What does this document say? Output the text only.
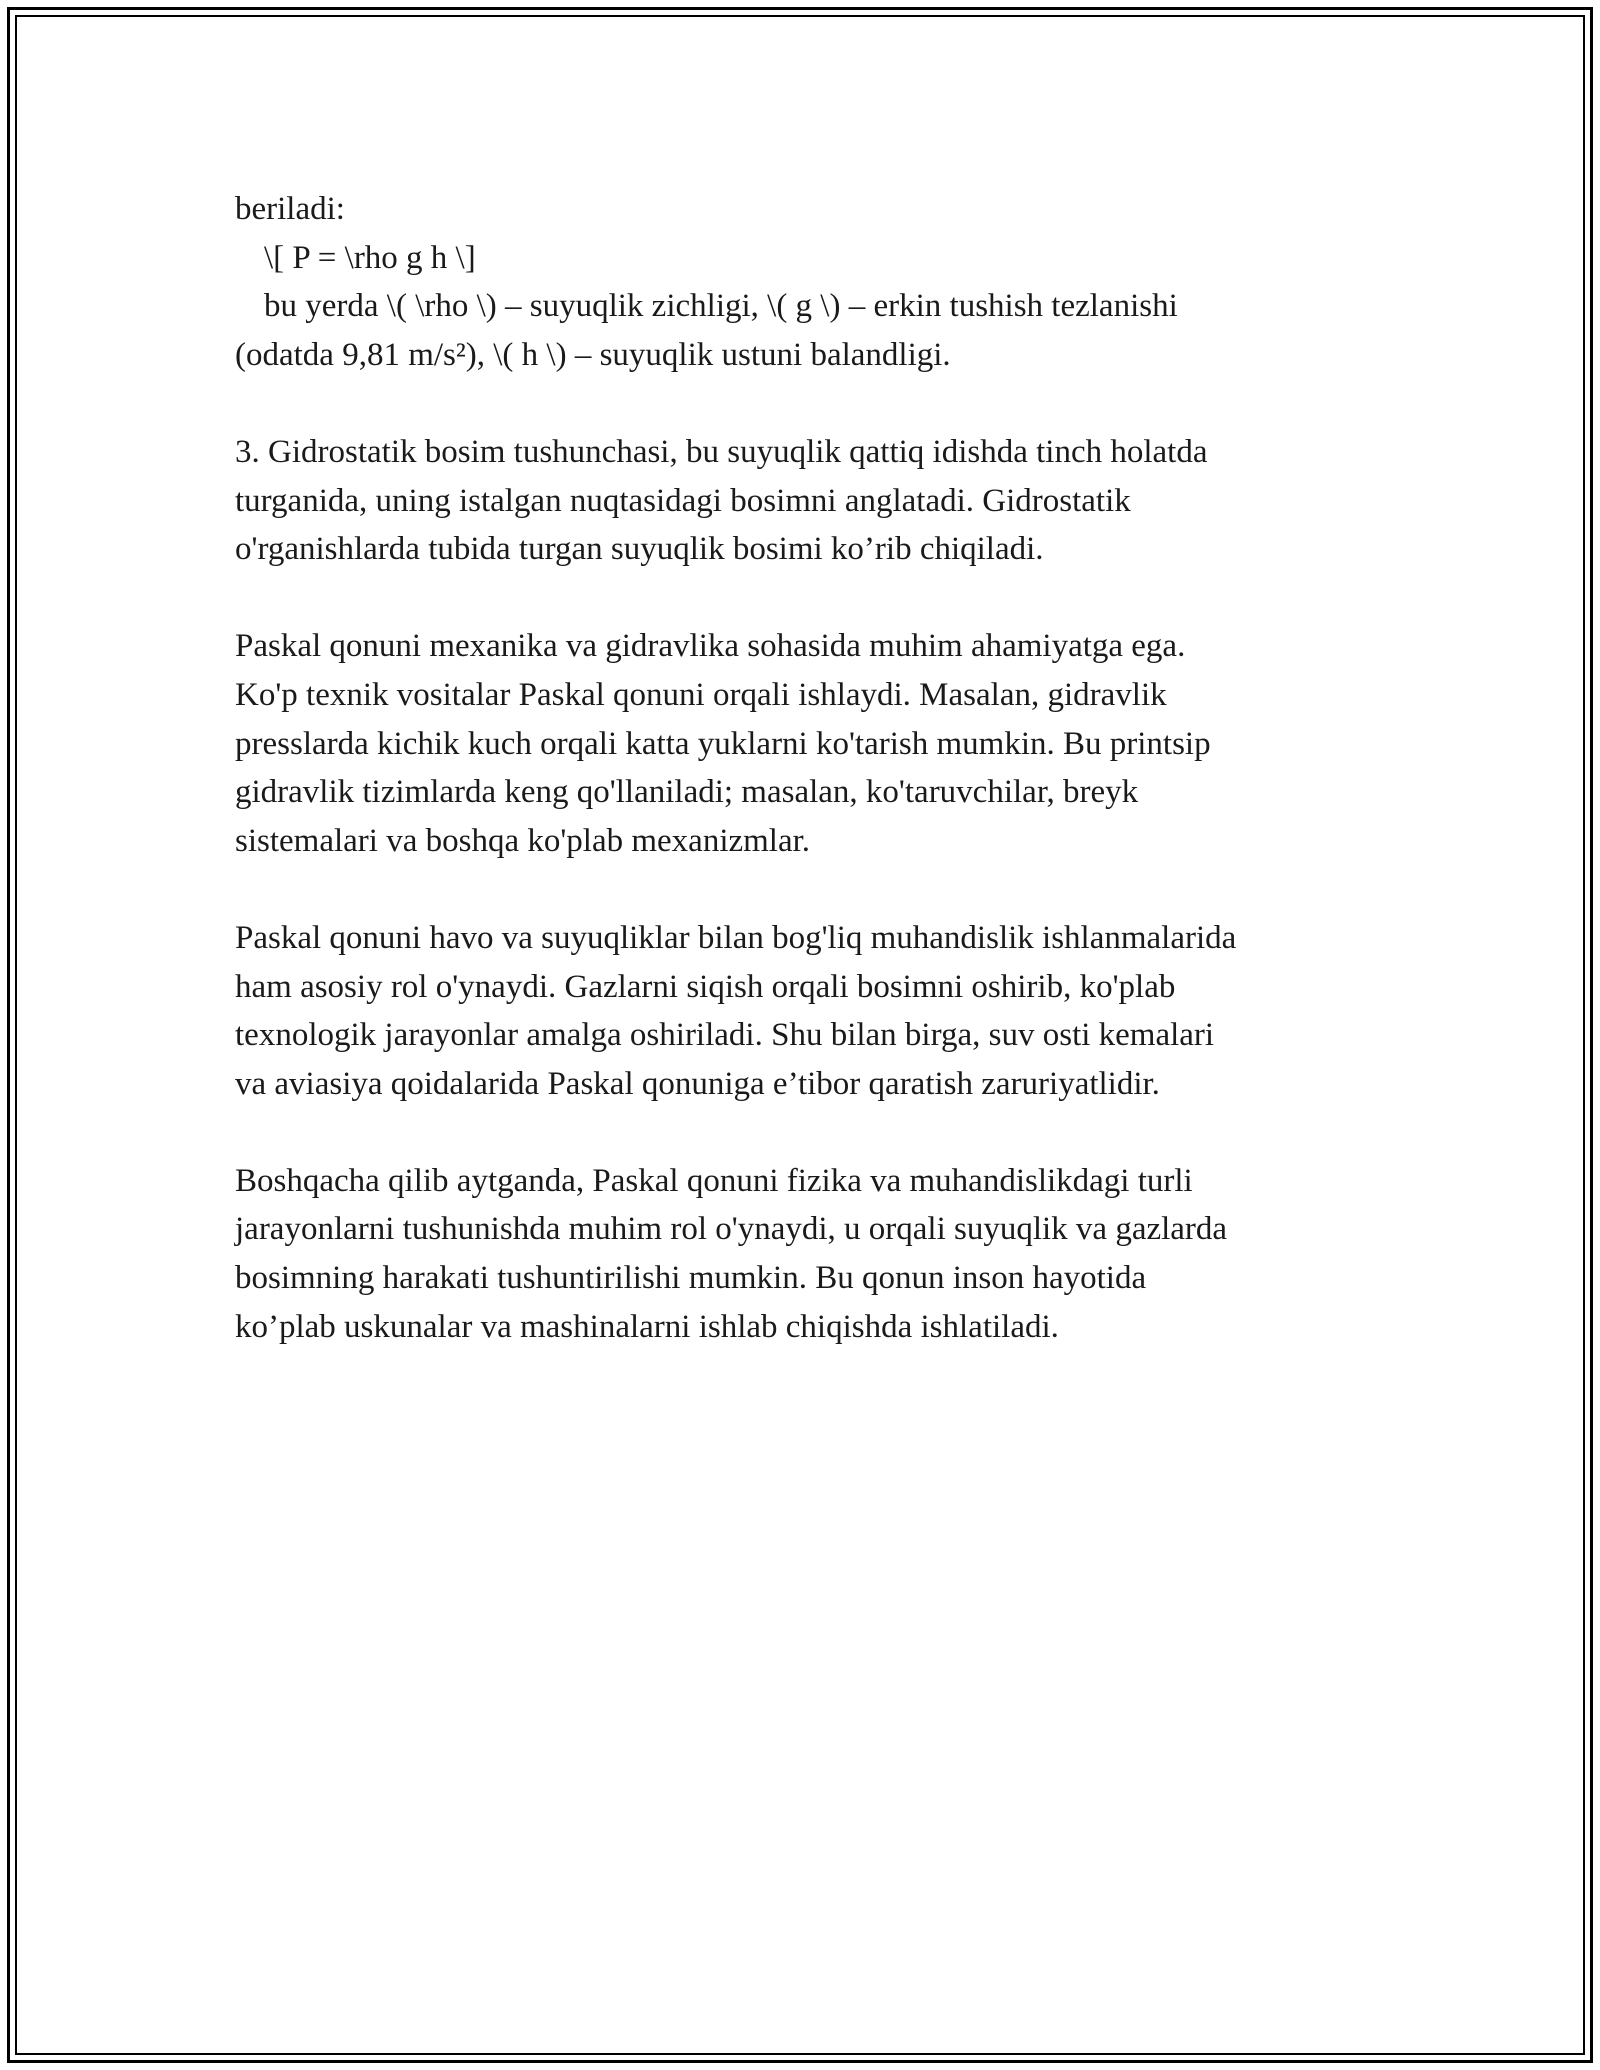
beriladi:

\[ P = \rho g h \]

bu yerda \( \rho \) – suyuqlik zichligi, \( g \) – erkin tushish tezlanishi

(odatda 9,81 m/s²), \( h \) – suyuqlik ustuni balandligi.

3. Gidrostatik bosim tushunchasi, bu suyuqlik qattiq idishda tinch holatda

turganida, uning istalgan nuqtasidagi bosimni anglatadi. Gidrostatik

o'rganishlarda tubida turgan suyuqlik bosimi ko’rib chiqiladi.

Paskal qonuni mexanika va gidravlika sohasida muhim ahamiyatga ega.

Ko'p texnik vositalar Paskal qonuni orqali ishlaydi. Masalan, gidravlik

presslarda kichik kuch orqali katta yuklarni ko'tarish mumkin. Bu printsip

gidravlik tizimlarda keng qo'llaniladi; masalan, ko'taruvchilar, breyk

sistemalari va boshqa ko'plab mexanizmlar.

Paskal qonuni havo va suyuqliklar bilan bog'liq muhandislik ishlanmalarida

ham asosiy rol o'ynaydi. Gazlarni siqish orqali bosimni oshirib, ko'plab

texnologik jarayonlar amalga oshiriladi. Shu bilan birga, suv osti kemalari

va aviasiya qoidalarida Paskal qonuniga e’tibor qaratish zaruriyatlidir.

Boshqacha qilib aytganda, Paskal qonuni fizika va muhandislikdagi turli

jarayonlarni tushunishda muhim rol o'ynaydi, u orqali suyuqlik va gazlarda

bosimning harakati tushuntirilishi mumkin. Bu qonun inson hayotida

ko’plab uskunalar va mashinalarni ishlab chiqishda ishlatiladi.
